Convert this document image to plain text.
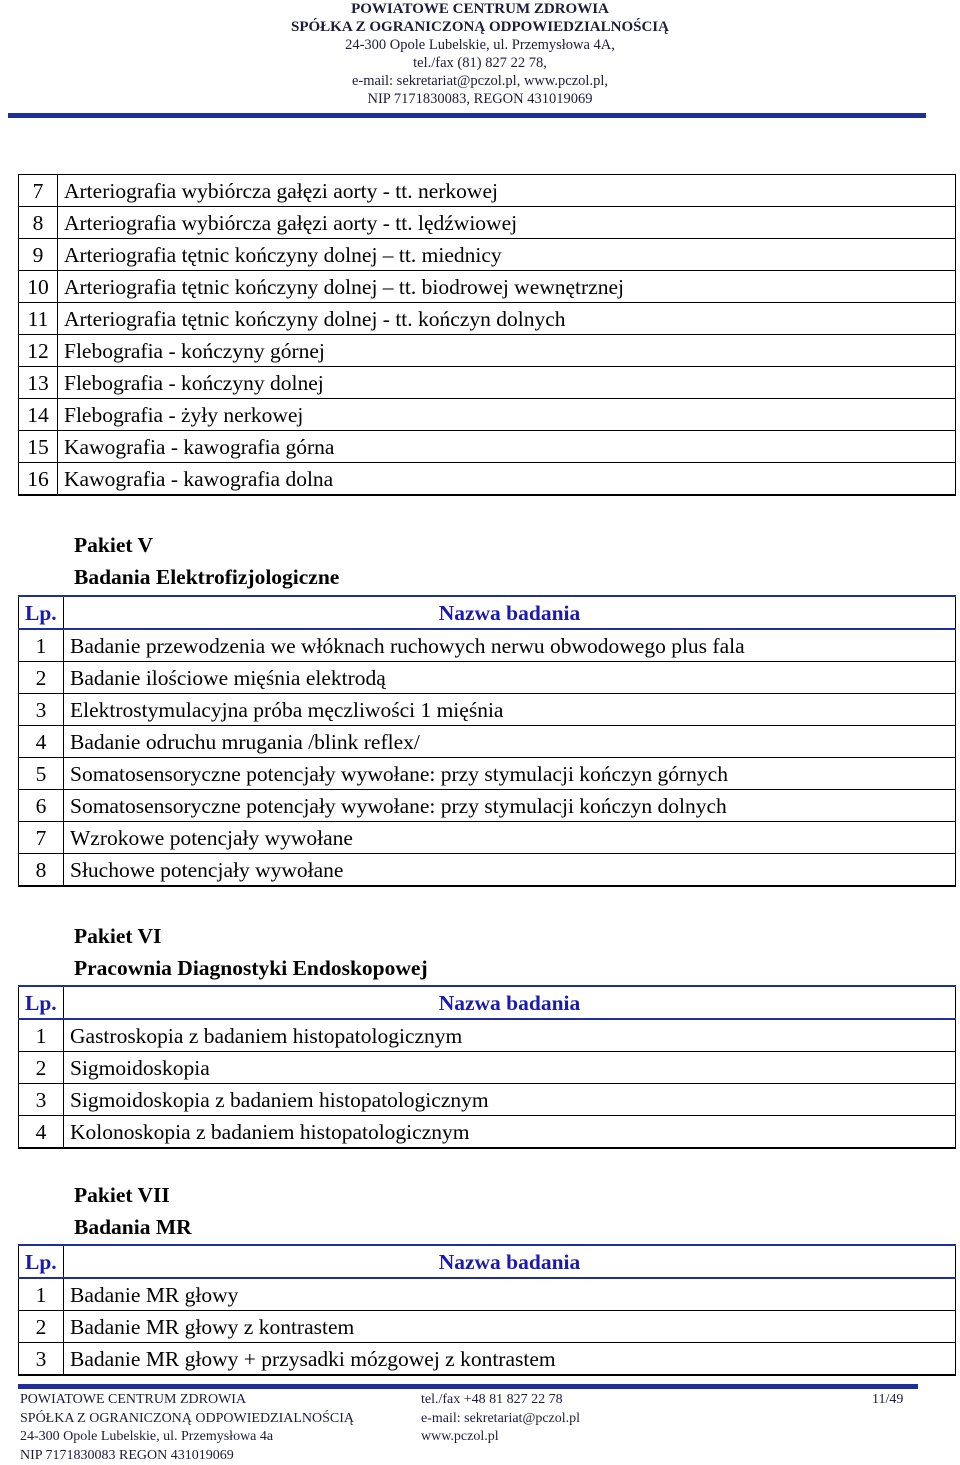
POWIATOWE CENTRUM ZDROWIA
SPÓŁKA Z OGRANICZONĄ ODPOWIEDZIALNOŚCIĄ
24-300 Opole Lubelskie, ul. Przemysłowa 4A,
tel./fax (81) 827 22 78,
e-mail: sekretariat@pczol.pl, www.pczol.pl,
NIP 7171830083, REGON 431019069
7	Arteriografia wybiórcza gałęzi aorty - tt. nerkowej
8	Arteriografia wybiórcza gałęzi aorty - tt. lędźwiowej
9	Arteriografia tętnic kończyny dolnej – tt. miednicy
10	Arteriografia tętnic kończyny dolnej – tt. biodrowej wewnętrznej
11	Arteriografia tętnic kończyny dolnej - tt. kończyn dolnych
12	Flebografia - kończyny górnej
13	Flebografia - kończyny dolnej
14	Flebografia - żyły nerkowej
15	Kawografia - kawografia górna
16	Kawografia - kawografia dolna
Pakiet V
Badania Elektrofizjologiczne
Lp.	Nazwa badania
1	Badanie przewodzenia we włóknach ruchowych nerwu obwodowego plus fala
2	Badanie ilościowe mięśnia elektrodą
3	Elektrostymulacyjna próba męczliwości 1 mięśnia
4	Badanie odruchu mrugania /blink reflex/
5	Somatosensoryczne potencjały wywołane: przy stymulacji kończyn górnych
6	Somatosensoryczne potencjały wywołane: przy stymulacji kończyn dolnych
7	Wzrokowe potencjały wywołane
8	Słuchowe potencjały wywołane
Pakiet VI
Pracownia Diagnostyki Endoskopowej
Lp.	Nazwa badania
1	Gastroskopia z badaniem histopatologicznym
2	Sigmoidoskopia
3	Sigmoidoskopia z badaniem histopatologicznym
4	Kolonoskopia z badaniem histopatologicznym
Pakiet VII
Badania MR
Lp.	Nazwa badania
1	Badanie MR głowy
2	Badanie MR głowy z kontrastem
3	Badanie MR głowy + przysadki mózgowej z kontrastem
POWIATOWE CENTRUM ZDROWIA
SPÓŁKA Z OGRANICZONĄ ODPOWIEDZIALNOŚCIĄ
24-300 Opole Lubelskie, ul. Przemysłowa 4a
NIP 7171830083 REGON 431019069
tel./fax +48 81 827 22 78
e-mail: sekretariat@pczol.pl
www.pczol.pl
11/49
